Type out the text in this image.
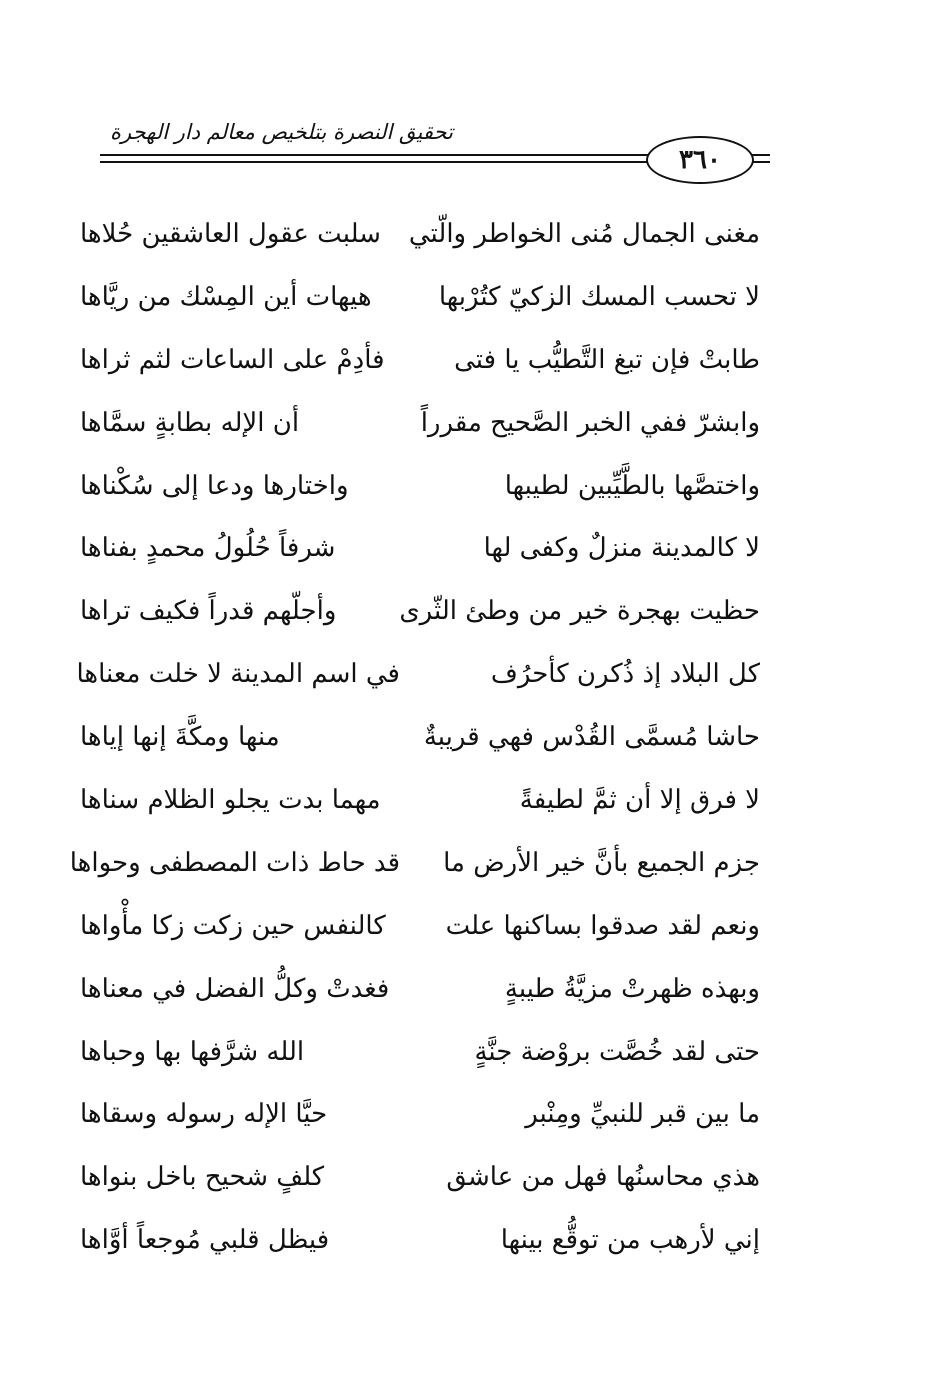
تحقيق النصرة بتلخيص معالم دار الهجرة
٣٦٠
مغنى الجمال مُنى الخواطر والّتي
سلبت عقول العاشقين حُلاها
لا تحسب المسك الزكيّ كتُرْبها
هيهات أين المِسْك من ريَّاها
طابتْ فإن تبغ التَّطيُّب يا فتى
فأدِمْ على الساعات لثم ثراها
وابشرّ ففي الخبر الصَّحيح مقرراً
أن الإله بطابةٍ سمَّاها
واختصَّها بالطَّيِّبين لطيبها
واختارها ودعا إلى سُكْناها
لا كالمدينة منزلٌ وكفى لها
شرفاً حُلُولُ محمدٍ بفناها
حظيت بهجرة خير من وطئ الثّرى
وأجلّهم قدراً فكيف تراها
كل البلاد إذ ذُكرن كأحرُف
في اسم المدينة لا خلت معناها
حاشا مُسمَّى القُدْس فهي قريبةٌ
منها ومكَّةَ إنها إياها
لا فرق إلا أن ثمَّ لطيفةً
مهما بدت يجلو الظلام سناها
جزم الجميع بأنَّ خير الأرض ما
قد حاط ذات المصطفى وحواها
ونعم لقد صدقوا بساكنها علت
كالنفس حين زكت زكا مأْواها
وبهذه ظهرتْ مزيَّةُ طيبةٍ
فغدتْ وكلُّ الفضل في معناها
حتى لقد خُصَّت بروْضة جنَّةٍ
الله شرَّفها بها وحباها
ما بين قبر للنبيِّ ومِنْبر
حيَّا الإله رسوله وسقاها
هذي محاسنُها فهل من عاشق
كلفٍ شحيح باخل بنواها
إني لأرهب من توقُّع بينها
فيظل قلبي مُوجعاً أوَّاها
